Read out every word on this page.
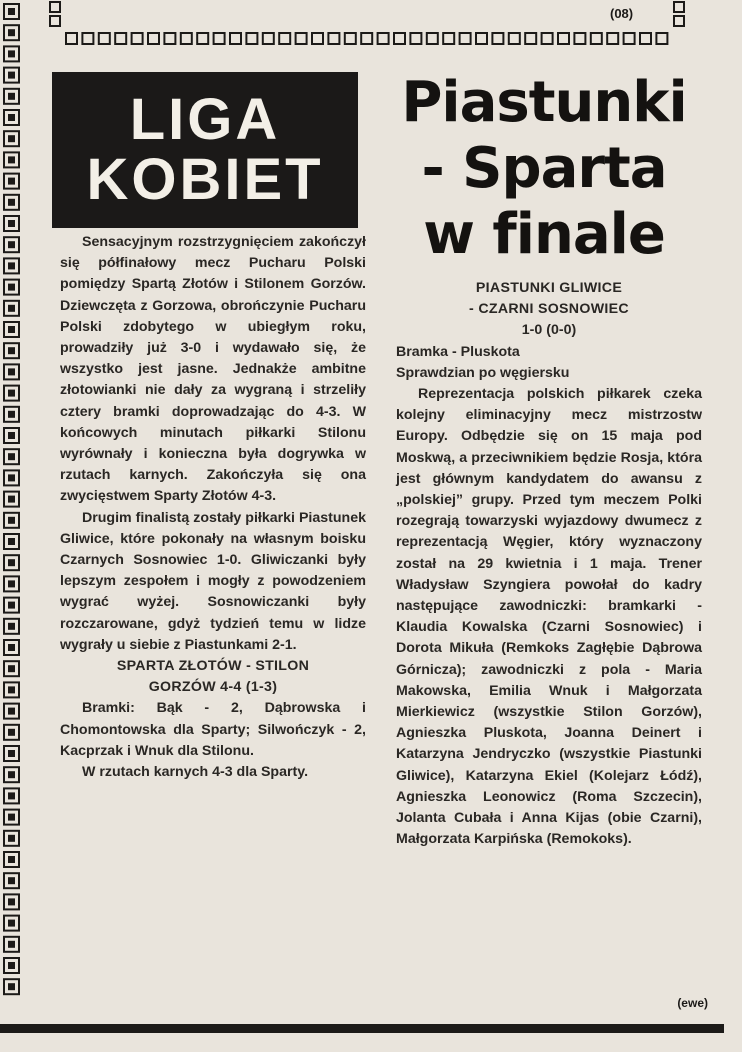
(08)
LIGA
KOBIET
Piastunki
- Sparta
w finale

Sensacyjnym rozstrzygnięciem zakończył się półfinałowy mecz Pucharu Polski pomiędzy Spartą Złotów i Stilonem Gorzów. Dziewczęta z Gorzowa, obrończynie Pucharu Polski zdobytego w ubiegłym roku, prowadziły już 3-0 i wydawało się, że wszystko jest jasne. Jednakże ambitne złotowianki nie dały za wygraną i strzeliły cztery bramki doprowadzając do 4-3. W końcowych minutach piłkarki Stilonu wyrównały i konieczna była dogrywka w rzutach karnych. Zakończyła się ona zwycięstwem Sparty Złotów 4-3.

Drugim finalistą zostały piłkarki Piastunek Gliwice, które pokonały na własnym boisku Czarnych Sosnowiec 1-0. Gliwiczanki były lepszym zespołem i mogły z powodzeniem wygrać wyżej. Sosnowiczanki były rozczarowane, gdyż tydzień temu w lidze wygrały u siebie z Piastunkami 2-1.

SPARTA ZŁOTÓW - STILON

GORZÓW 4-4 (1-3)

Bramki: Bąk - 2, Dąbrowska i Chomontowska dla Sparty; Silwończyk - 2, Kacprzak i Wnuk dla Stilonu.

W rzutach karnych 4-3 dla Sparty.

PIASTUNKI GLIWICE

- CZARNI SOSNOWIEC

1-0 (0-0)

Bramka - Pluskota

Sprawdzian po węgiersku

Reprezentacja polskich piłkarek czeka kolejny eliminacyjny mecz mistrzostw Europy. Odbędzie się on 15 maja pod Moskwą, a przeciwnikiem będzie Rosja, która jest głównym kandydatem do awansu z „polskiej” grupy. Przed tym meczem Polki rozegrają towarzyski wyjazdowy dwumecz z reprezentacją Węgier, który wyznaczony został na 29 kwietnia i 1 maja. Trener Władysław Szyngiera powołał do kadry następujące zawodniczki: bramkarki - Klaudia Kowalska (Czarni Sosnowiec) i Dorota Mikuła (Remkoks Zagłębie Dąbrowa Górnicza); zawodniczki z pola - Maria Makowska, Emilia Wnuk i Małgorzata Mierkiewicz (wszystkie Stilon Gorzów), Agnieszka Pluskota, Joanna Deinert i Katarzyna Jendryczko (wszystkie Piastunki Gliwice), Katarzyna Ekiel (Kolejarz Łódź), Agnieszka Leonowicz (Roma Szczecin), Jolanta Cubała i Anna Kijas (obie Czarni), Małgorzata Karpińska (Remokoks).

(ewe)
